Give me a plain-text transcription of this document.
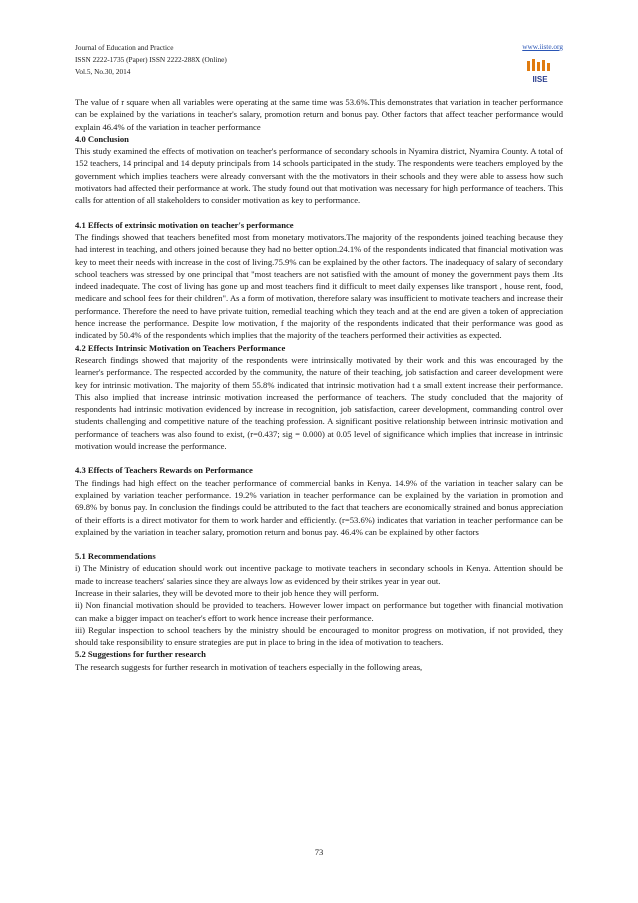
Journal of Education and Practice
ISSN 2222-1735 (Paper) ISSN 2222-288X (Online)
Vol.5, No.30, 2014
www.iiste.org
IISE

The value of r square when all variables were operating at the same time was 53.6%.This demonstrates that variation in teacher performance can be explained by the variations in teacher's salary, promotion return and bonus pay. Other factors that affect teacher performance would explain 46.4% of the variation in teacher performance

4.0 Conclusion

This study examined the effects of motivation on teacher's performance of secondary schools in Nyamira district, Nyamira County. A total of 152 teachers, 14 principal and 14 deputy principals from 14 schools participated in the study. The respondents were teachers employed by the government which implies teachers were already conversant with the the motivators in their schools and they were able to assess how such motivators had affected their performance at work. The study found out that motivation was necessary for high performance of teachers. This calls for attention of all stakeholders to consider motivation as key to performance.

4.1 Effects of extrinsic motivation on teacher's performance

The findings showed that teachers benefited most from monetary motivators.The majority of the respondents joined teaching because they had interest in teaching, and others joined because they had no better option.24.1% of the respondents indicated that financial motivation was key to meet their needs with increase in the cost of living.75.9% can be explained by the other factors. The inadequacy of salary of secondary school teachers was stressed by one principal that "most teachers are not satisfied with the amount of money the government pays them .Its indeed inadequate. The cost of living has gone up and most teachers find it difficult to meet daily expenses like transport , house rent, food, medicare and school fees for their children". As a form of motivation, therefore salary was insufficient to motivate teachers and increase their performance. Therefore the need to have private tuition, remedial teaching which they teach and at the end are given a token of appreciation hence increase the performance. Despite low motivation, f the majority of the respondents indicated that their performance was good as indicated by 50.4% of the respondents which implies that the majority of the teachers performed their activities as expected.

4.2 Effects Intrinsic Motivation on Teachers Performance

Research findings showed that majority of the respondents were intrinsically motivated by their work and this was encouraged by the learner's performance. The respected accorded by the community, the nature of their teaching, job satisfaction and career development were key for intrinsic motivation. The majority of them 55.8% indicated that intrinsic motivation had t a small extent increase their performance. This also implied that increase intrinsic motivation increased the performance of teachers. The study concluded that the majority of respondents had intrinsic motivation evidenced by increase in recognition, job satisfaction, career development, commanding control over students challenging and competitive nature of the teaching profession. A significant positive relationship between intrinsic motivation and performance of teachers was also found to exist, (r=0.437; sig = 0.000) at 0.05 level of significance which implies that increase in intrinsic motivation would increase the performance.

4.3 Effects of Teachers Rewards on Performance

The findings had high effect on the teacher performance of commercial banks in Kenya. 14.9% of the variation in teacher salary can be explained by variation teacher performance. 19.2% variation in teacher performance can be explained by the variation in promotion and 69.8% by bonus pay. In conclusion the findings could be attributed to the fact that teachers are economically strained and bonus appreciation of their efforts is a direct motivator for them to work harder and efficiently. (r=53.6%) indicates that variation in teacher performance can be explained by the variation in teacher salary, promotion return and bonus pay. 46.4% can be explained by other factors

5.1 Recommendations

i) The Ministry of education should work out incentive package to motivate teachers in secondary schools in Kenya. Attention should be made to increase teachers' salaries since they are always low as evidenced by their strikes year in year out.

Increase in their salaries, they will be devoted more to their job hence they will perform.

ii) Non financial motivation should be provided to teachers. However lower impact on performance but together with financial motivation can make a bigger impact on teacher's effort to work hence increase their performance.

iii) Regular inspection to school teachers by the ministry should be encouraged to monitor progress on motivation, if not provided, they should take responsibility to ensure strategies are put in place to bring in the idea of motivation to teachers.

5.2 Suggestions for further research

The research suggests for further research in motivation of teachers especially in the following areas,

73
